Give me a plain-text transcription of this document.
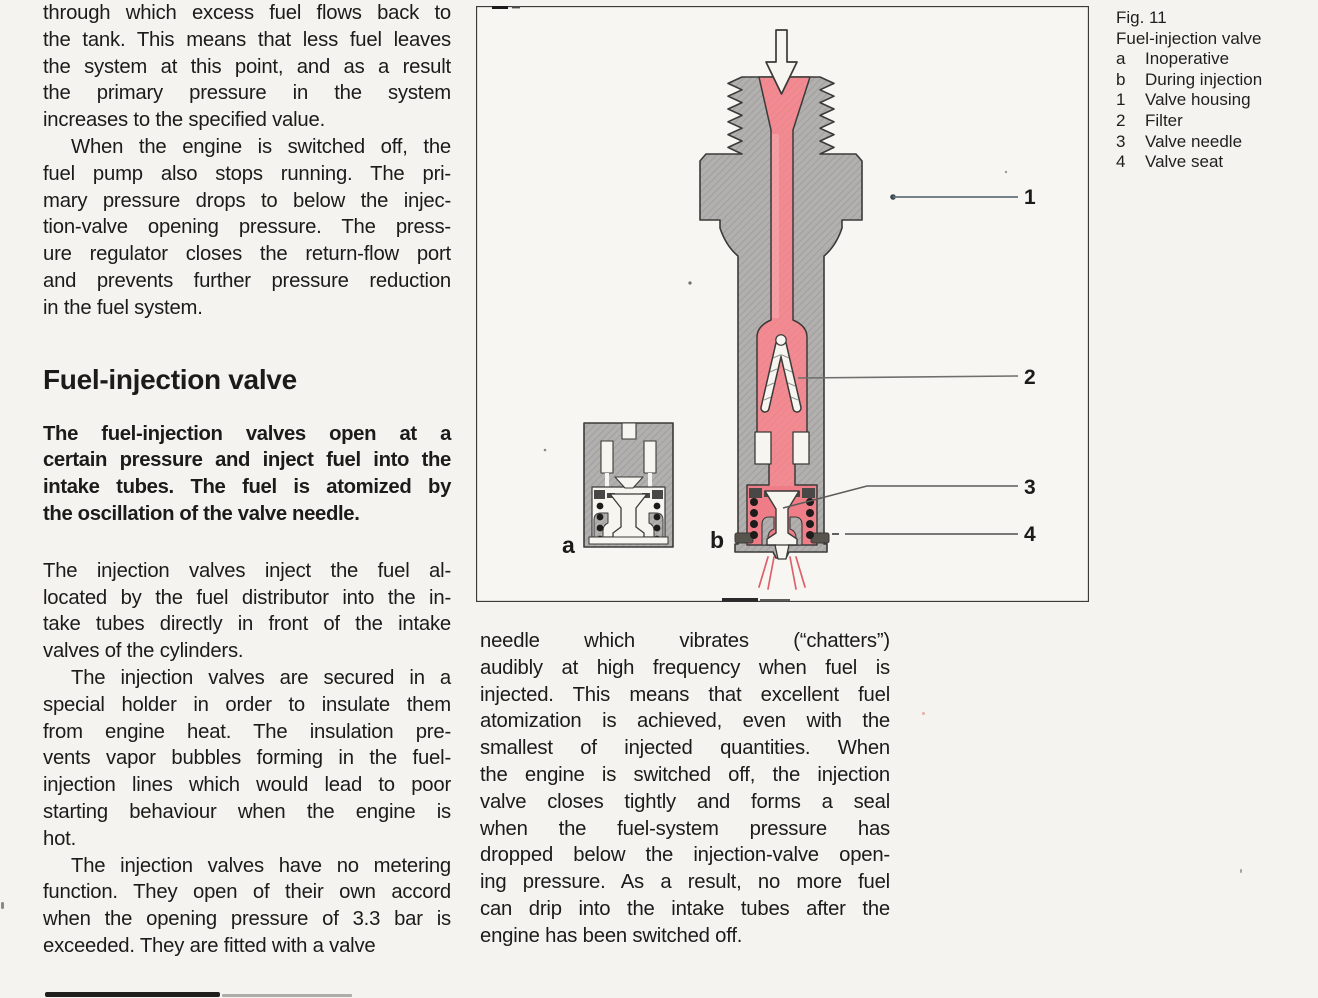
through which excess fuel flows back to
the tank. This means that less fuel leaves
the system at this point, and as a result
the primary pressure in the system
increases to the specified value.
When the engine is switched off, the
fuel pump also stops running. The pri-
mary pressure drops to below the injec-
tion-valve opening pressure. The press-
ure regulator closes the return-flow port
and prevents further pressure reduction
in the fuel system.
Fuel-injection valve
The fuel-injection valves open at a
certain pressure and inject fuel into the
intake tubes. The fuel is atomized by
the oscillation of the valve needle.
The injection valves inject the fuel al-
located by the fuel distributor into the in-
take tubes directly in front of the intake
valves of the cylinders.
The injection valves are secured in a
special holder in order to insulate them
from engine heat. The insulation pre-
vents vapor bubbles forming in the fuel-
injection lines which would lead to poor
starting behaviour when the engine is
hot.
The injection valves have no metering
function. They open of their own accord
when the opening pressure of 3.3 bar is
exceeded. They are fitted with a valve
needle which vibrates (“chatters”)
audibly at high frequency when fuel is
injected. This means that excellent fuel
atomization is achieved, even with the
smallest of injected quantities. When
the engine is switched off, the injection
valve closes tightly and forms a seal
when the fuel-system pressure has
dropped below the injection-valve open-
ing pressure. As a result, no more fuel
can drip into the intake tubes after the
engine has been switched off.
a	b
1
2
3
4
Fig. 11
Fuel-injection valve
a	Inoperative
b	During injection
1	Valve housing
2	Filter
3	Valve needle
4	Valve seat
